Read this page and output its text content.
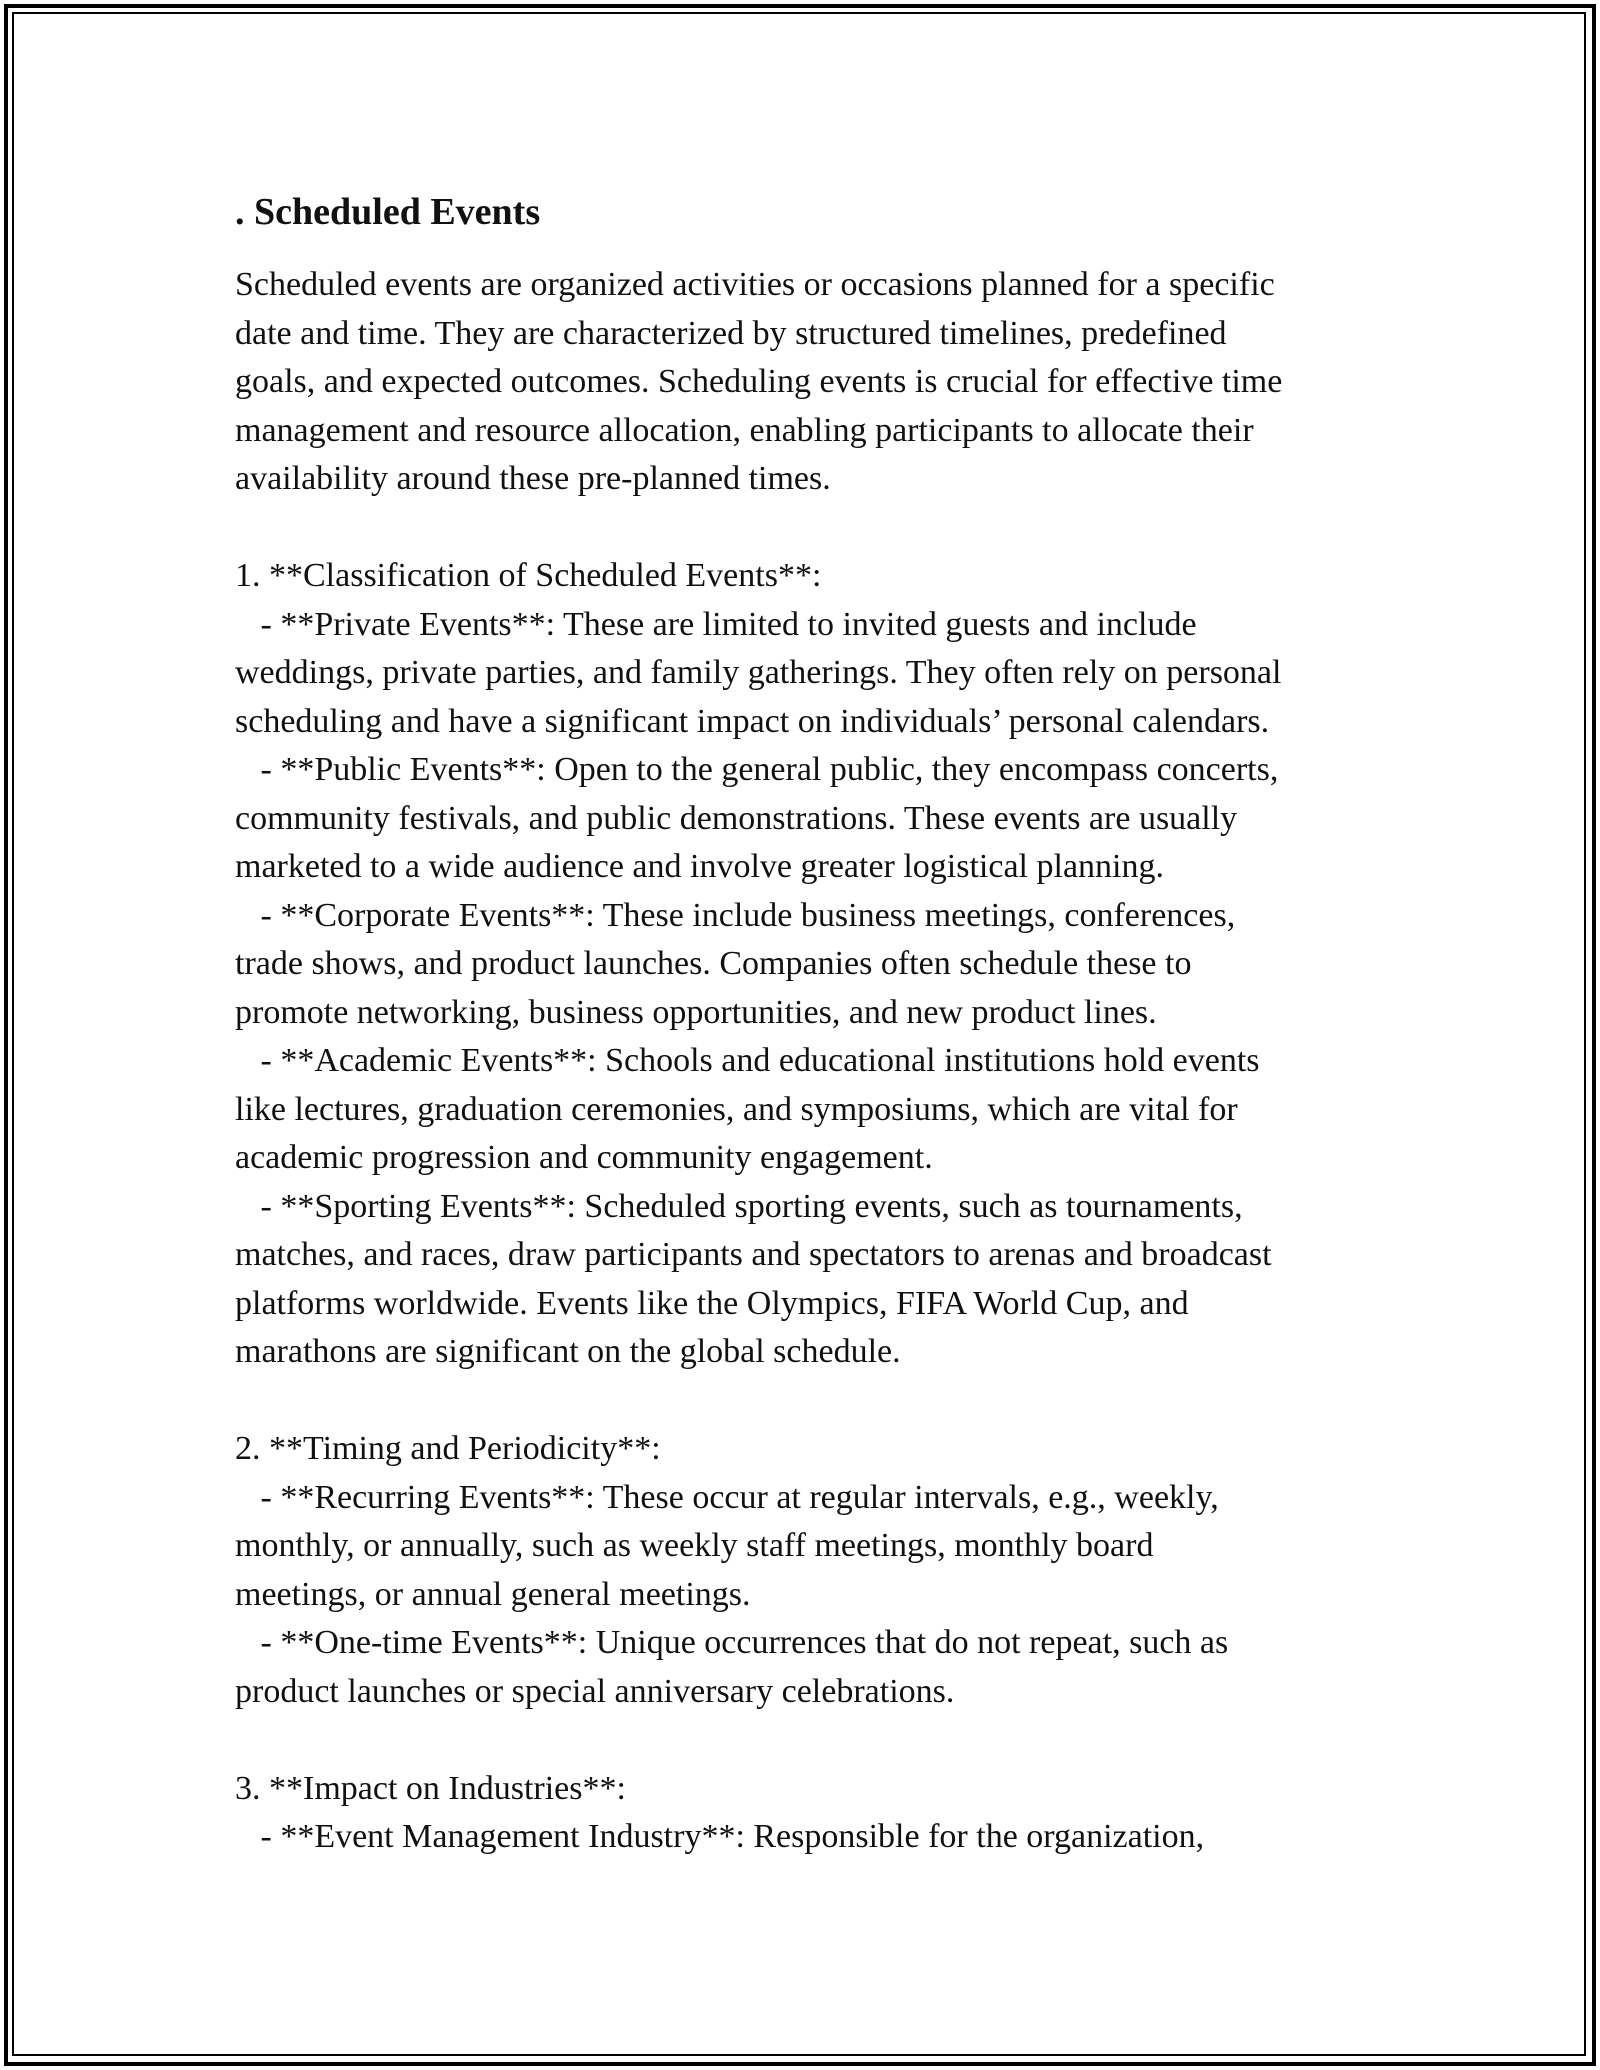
. Scheduled Events
Scheduled events are organized activities or occasions planned for a specific
date and time. They are characterized by structured timelines, predefined
goals, and expected outcomes. Scheduling events is crucial for effective time
management and resource allocation, enabling participants to allocate their
availability around these pre-planned times.
1. **Classification of Scheduled Events**:
- **Private Events**: These are limited to invited guests and include
weddings, private parties, and family gatherings. They often rely on personal
scheduling and have a significant impact on individuals’ personal calendars.
- **Public Events**: Open to the general public, they encompass concerts,
community festivals, and public demonstrations. These events are usually
marketed to a wide audience and involve greater logistical planning.
- **Corporate Events**: These include business meetings, conferences,
trade shows, and product launches. Companies often schedule these to
promote networking, business opportunities, and new product lines.
- **Academic Events**: Schools and educational institutions hold events
like lectures, graduation ceremonies, and symposiums, which are vital for
academic progression and community engagement.
- **Sporting Events**: Scheduled sporting events, such as tournaments,
matches, and races, draw participants and spectators to arenas and broadcast
platforms worldwide. Events like the Olympics, FIFA World Cup, and
marathons are significant on the global schedule.
2. **Timing and Periodicity**:
- **Recurring Events**: These occur at regular intervals, e.g., weekly,
monthly, or annually, such as weekly staff meetings, monthly board
meetings, or annual general meetings.
- **One-time Events**: Unique occurrences that do not repeat, such as
product launches or special anniversary celebrations.
3. **Impact on Industries**:
- **Event Management Industry**: Responsible for the organization,
